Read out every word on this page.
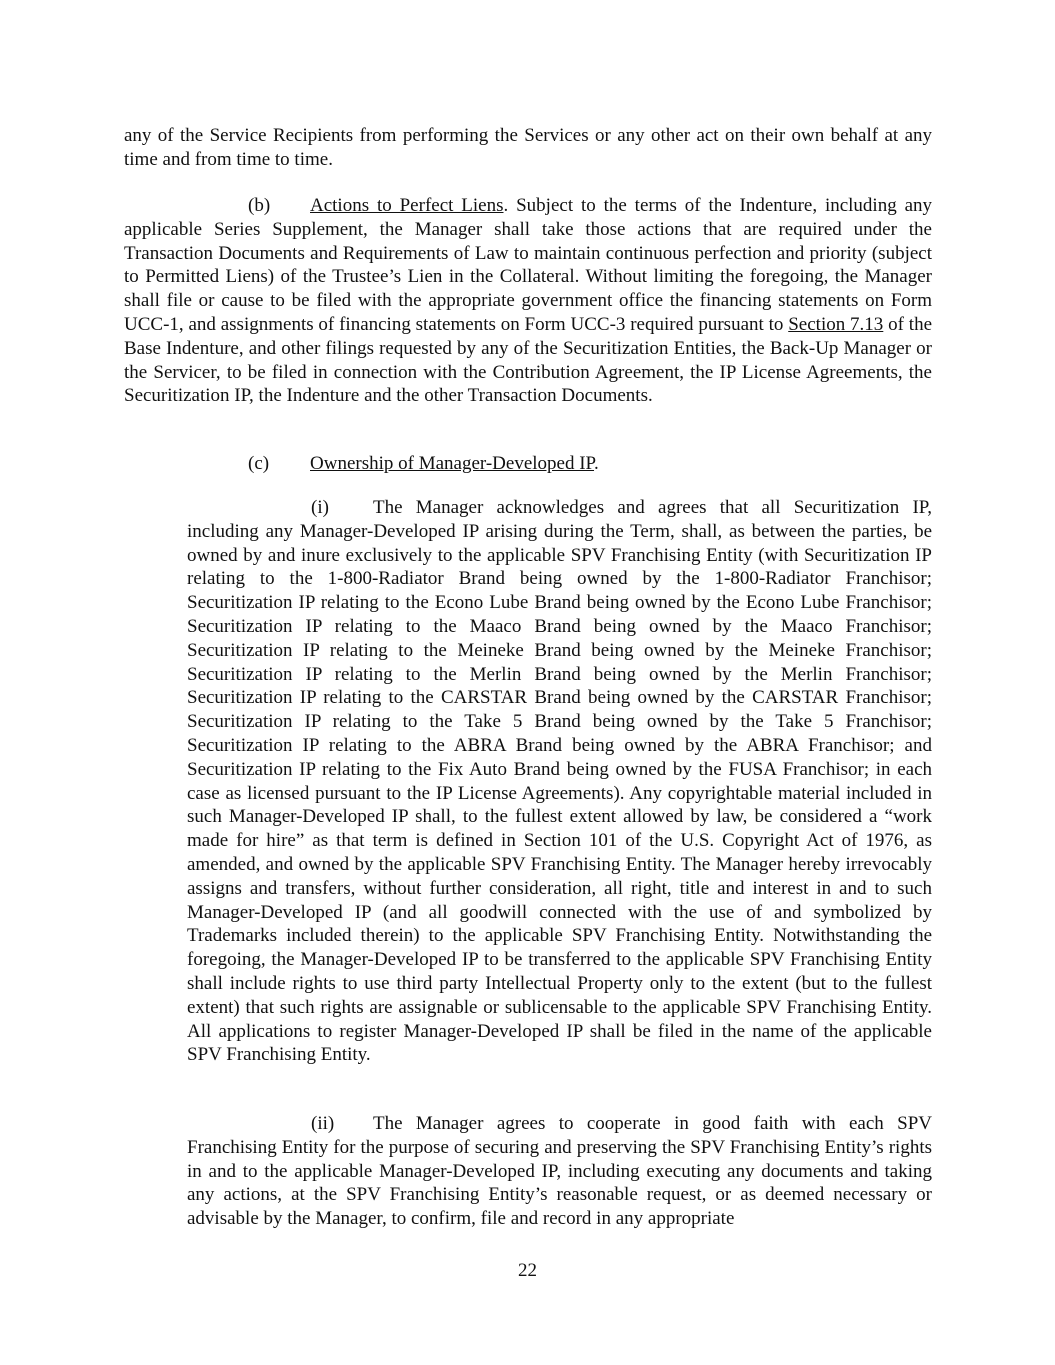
any of the Service Recipients from performing the Services or any other act on their own behalf at any time and from time to time.

(b) Actions to Perfect Liens. Subject to the terms of the Indenture, including any applicable Series Supplement, the Manager shall take those actions that are required under the Transaction Documents and Requirements of Law to maintain continuous perfection and priority (subject to Permitted Liens) of the Trustee’s Lien in the Collateral. Without limiting the foregoing, the Manager shall file or cause to be filed with the appropriate government office the financing statements on Form UCC-1, and assignments of financing statements on Form UCC-3 required pursuant to Section 7.13 of the Base Indenture, and other filings requested by any of the Securitization Entities, the Back-Up Manager or the Servicer, to be filed in connection with the Contribution Agreement, the IP License Agreements, the Securitization IP, the Indenture and the other Transaction Documents.

(c) Ownership of Manager-Developed IP.

(i) The Manager acknowledges and agrees that all Securitization IP, including any Manager-Developed IP arising during the Term, shall, as between the parties, be owned by and inure exclusively to the applicable SPV Franchising Entity (with Securitization IP relating to the 1-800-Radiator Brand being owned by the 1-800-Radiator Franchisor; Securitization IP relating to the Econo Lube Brand being owned by the Econo Lube Franchisor; Securitization IP relating to the Maaco Brand being owned by the Maaco Franchisor; Securitization IP relating to the Meineke Brand being owned by the Meineke Franchisor; Securitization IP relating to the Merlin Brand being owned by the Merlin Franchisor; Securitization IP relating to the CARSTAR Brand being owned by the CARSTAR Franchisor; Securitization IP relating to the Take 5 Brand being owned by the Take 5 Franchisor; Securitization IP relating to the ABRA Brand being owned by the ABRA Franchisor; and Securitization IP relating to the Fix Auto Brand being owned by the FUSA Franchisor; in each case as licensed pursuant to the IP License Agreements). Any copyrightable material included in such Manager-Developed IP shall, to the fullest extent allowed by law, be considered a “work made for hire” as that term is defined in Section 101 of the U.S. Copyright Act of 1976, as amended, and owned by the applicable SPV Franchising Entity. The Manager hereby irrevocably assigns and transfers, without further consideration, all right, title and interest in and to such Manager-Developed IP (and all goodwill connected with the use of and symbolized by Trademarks included therein) to the applicable SPV Franchising Entity. Notwithstanding the foregoing, the Manager-Developed IP to be transferred to the applicable SPV Franchising Entity shall include rights to use third party Intellectual Property only to the extent (but to the fullest extent) that such rights are assignable or sublicensable to the applicable SPV Franchising Entity. All applications to register Manager-Developed IP shall be filed in the name of the applicable SPV Franchising Entity.

(ii) The Manager agrees to cooperate in good faith with each SPV Franchising Entity for the purpose of securing and preserving the SPV Franchising Entity’s rights in and to the applicable Manager-Developed IP, including executing any documents and taking any actions, at the SPV Franchising Entity’s reasonable request, or as deemed necessary or advisable by the Manager, to confirm, file and record in any appropriate

22
